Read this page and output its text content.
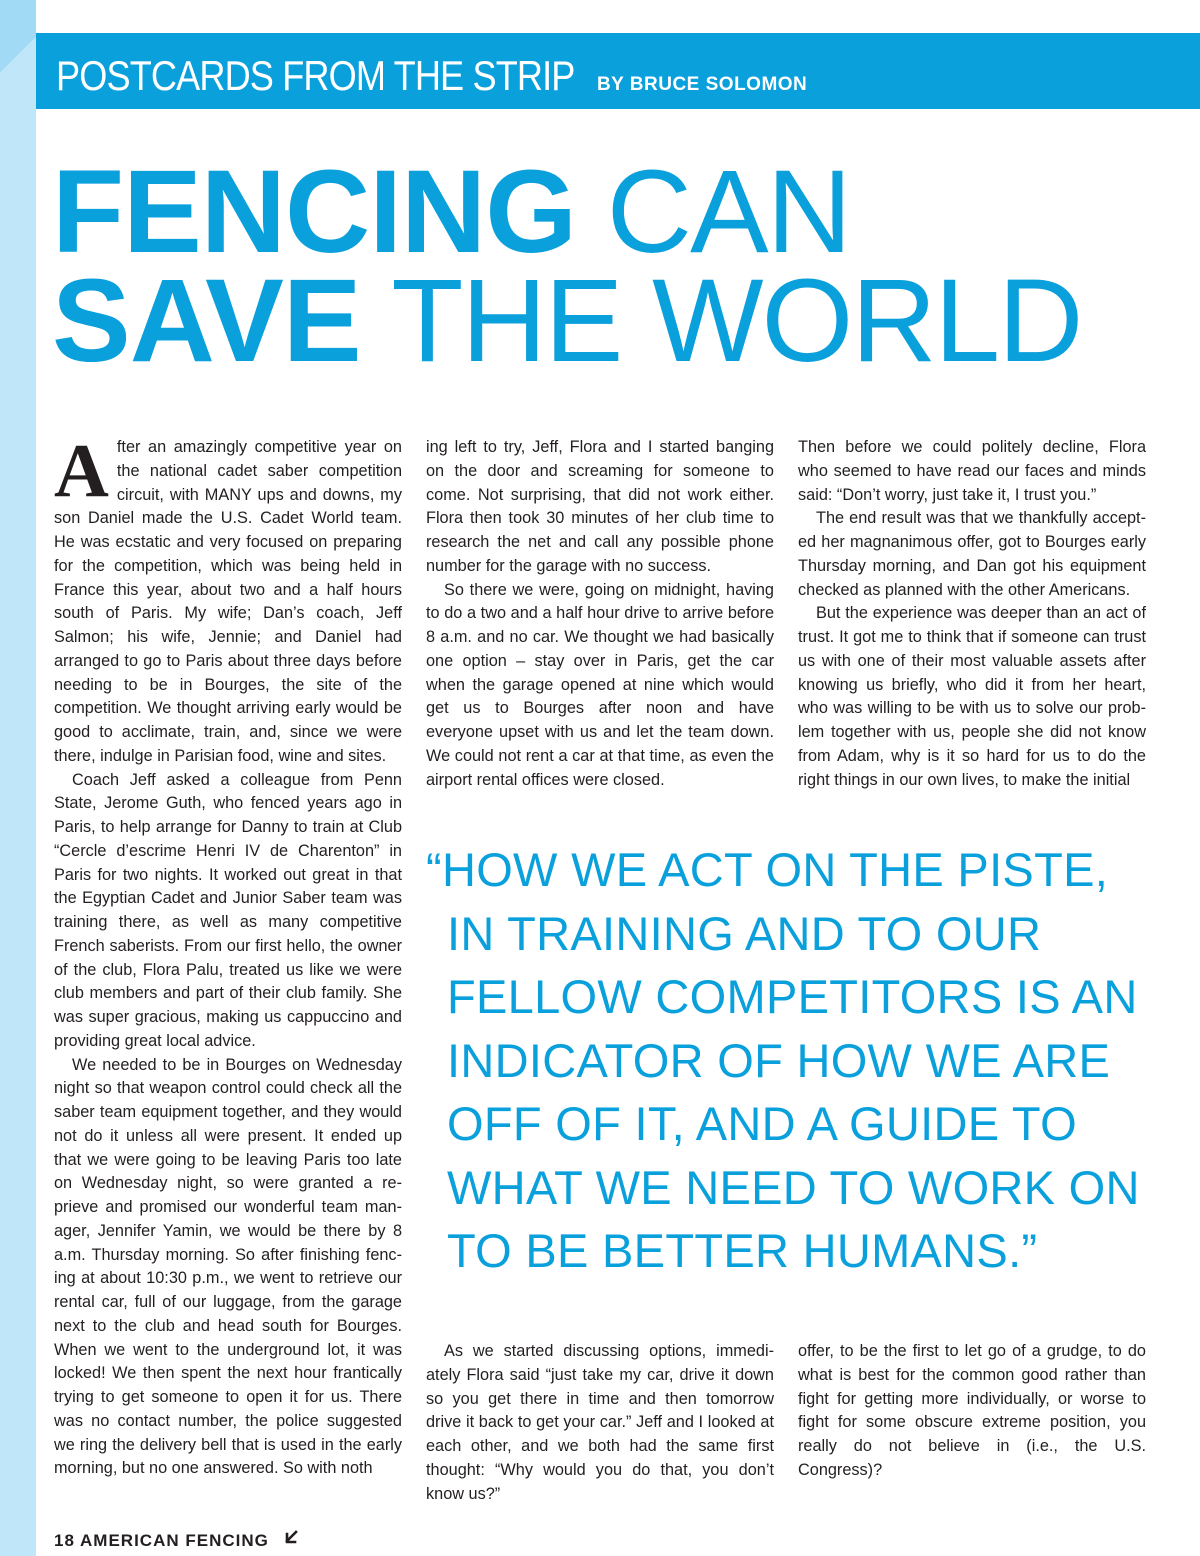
POSTCARDS FROM THE STRIP BY BRUCE SOLOMON
FENCING CAN
SAVE THE WORLD

After an amazingly competitive year on the national cadet saber competition circuit, with MANY ups and downs, my son Daniel made the U.S. Cadet World team. He was ecstatic and very focused on preparing for the competition, which was being held in France this year, about two and a half hours south of Paris. My wife; Dan’s coach, Jeff Salmon; his wife, Jennie; and Daniel had arranged to go to Paris about three days before needing to be in Bourges, the site of the competition. We thought arriving early would be good to acclimate, train, and, since we were there, indulge in Parisian food, wine and sites.

Coach Jeff asked a colleague from Penn State, Jerome Guth, who fenced years ago in Paris, to help arrange for Danny to train at Club “Cercle d’escrime Henri IV de Charenton” in Paris for two nights. It worked out great in that the Egyptian Cadet and Junior Saber team was training there, as well as many competitive French saberists. From our first hello, the owner of the club, Flora Palu, treated us like we were club members and part of their club family. She was super gracious, making us cappuccino and providing great local advice.

We needed to be in Bourges on Wednesday night so that weapon control could check all the saber team equipment together, and they would not do it unless all were present. It ended up that we were going to be leaving Paris too late on Wednesday night, so were granted a reprieve and promised our wonderful team manager, Jennifer Yamin, we would be there by 8 a.m. Thursday morning. So after finishing fencing at about 10:30 p.m., we went to retrieve our rental car, full of our luggage, from the garage next to the club and head south for Bourges. When we went to the underground lot, it was locked! We then spent the next hour frantically trying to get someone to open it for us. There was no contact number, the police suggested we ring the delivery bell that is used in the early morning, but no one answered. So with noth

ing left to try, Jeff, Flora and I started banging on the door and screaming for someone to come. Not surprising, that did not work either. Flora then took 30 minutes of her club time to research the net and call any possible phone number for the garage with no success.

So there we were, going on midnight, having to do a two and a half hour drive to arrive before 8 a.m. and no car. We thought we had basically one option – stay over in Paris, get the car when the garage opened at nine which would get us to Bourges after noon and have everyone upset with us and let the team down. We could not rent a car at that time, as even the airport rental offices were closed.

Then before we could politely decline, Flora who seemed to have read our faces and minds said: “Don’t worry, just take it, I trust you.”

The end result was that we thankfully accepted her magnanimous offer, got to Bourges early Thursday morning, and Dan got his equipment checked as planned with the other Americans.

But the experience was deeper than an act of trust. It got me to think that if someone can trust us with one of their most valuable assets after knowing us briefly, who did it from her heart, who was willing to be with us to solve our problem together with us, people she did not know from Adam, why is it so hard for us to do the right things in our own lives, to make the initial

“HOW WE ACT ON THE PISTE,
IN TRAINING AND TO OUR
FELLOW COMPETITORS IS AN
INDICATOR OF HOW WE ARE
OFF OF IT, AND A GUIDE TO
WHAT WE NEED TO WORK ON
TO BE BETTER HUMANS.”

As we started discussing options, immediately Flora said “just take my car, drive it down so you get there in time and then tomorrow drive it back to get your car.” Jeff and I looked at each other, and we both had the same first thought: “Why would you do that, you don’t know us?”

offer, to be the first to let go of a grudge, to do what is best for the common good rather than fight for getting more individually, or worse to fight for some obscure extreme position, you really do not believe in (i.e., the U.S. Congress)?

18 AMERICAN FENCING
